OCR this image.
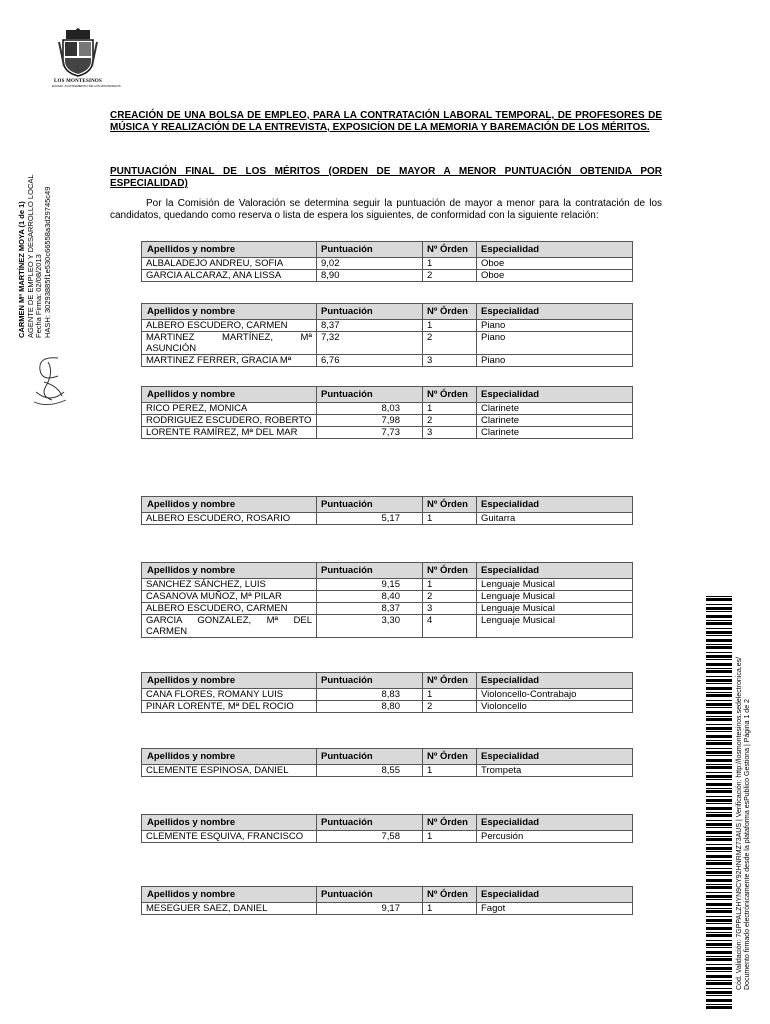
LOS MONTESINOS
EXCMO. AYUNTAMIENTO DE LOS MONTESINOS
CARMEN Mª MARTÍNEZ MOYA (1 de 1) AGENTE DE EMPLEO Y DESARROLLO LOCAL Fecha Firma: 02/08/2013 HASH: 30293885f1e530c66558a3d29745c49
Cód. Validación: 7GPPALZHYN9CY92HNRMZ73AUS | Verificación: http://losmontesinos.sedelectronica.es/ Documento firmado electrónicamente desde la plataforma esPublico Gestiona | Página 1 de 2
CREACIÓN DE UNA BOLSA DE EMPLEO, PARA LA CONTRATACIÓN LABORAL TEMPORAL, DE PROFESORES DE MÚSICA Y REALIZACIÓN DE LA ENTREVISTA, EXPOSICÍON DE LA MEMORIA Y BAREMACIÓN DE LOS MÉRITOS.
PUNTUACIÓN FINAL DE LOS MÉRITOS (ORDEN DE MAYOR A MENOR PUNTUACIÓN OBTENIDA POR ESPECIALIDAD)
Por la Comisión de Valoración se determina seguir la puntuación de mayor a menor para la contratación de los candidatos, quedando como reserva o lista de espera los siguientes, de conformidad con la siguiente relación:
Apellidos y nombre	Puntuación	Nº Órden	Especialidad
ALBALADEJO ANDREU, SOFIA	9,02	1	Oboe
GARCIA ALCARAZ, ANA LISSA	8,90	2	Oboe
Apellidos y nombre	Puntuación	Nº Órden	Especialidad
ALBERO ESCUDERO, CARMEN	8,37	1	Piano
MARTINEZ MARTÍNEZ, Mª ASUNCIÓN	7,32	2	Piano
MARTINEZ FERRER, GRACIA Mª	6,76	3	Piano
Apellidos y nombre	Puntuación	Nº Órden	Especialidad
RICO PEREZ, MONICA	8,03	1	Clarinete
RODRIGUEZ ESCUDERO, ROBERTO	7,98	2	Clarinete
LORENTE RAMÍREZ, Mª DEL MAR	7,73	3	Clarinete
Apellidos y nombre	Puntuación	Nº Órden	Especialidad
ALBERO ESCUDERO, ROSARIO	5,17	1	Guitarra
Apellidos y nombre	Puntuación	Nº Órden	Especialidad
SANCHEZ SÁNCHEZ, LUIS	9,15	1	Lenguaje Musical
CASANOVA MUÑOZ, Mª PILAR	8,40	2	Lenguaje Musical
ALBERO ESCUDERO, CARMEN	8,37	3	Lenguaje Musical
GARCIA GONZALEZ, Mª DEL CARMEN	3,30	4	Lenguaje Musical
Apellidos y nombre	Puntuación	Nº Órden	Especialidad
CANA FLORES, ROMANY LUIS	8,83	1	Violoncello-Contrabajo
PINAR LORENTE, Mª DEL ROCIO	8,80	2	Violoncello
Apellidos y nombre	Puntuación	Nº Órden	Especialidad
CLEMENTE ESPINOSA, DANIEL	8,55	1	Trompeta
Apellidos y nombre	Puntuación	Nº Órden	Especialidad
CLEMENTE ESQUIVA, FRANCISCO	7,58	1	Percusión
Apellidos y nombre	Puntuación	Nº Órden	Especialidad
MESEGUER SAEZ, DANIEL	9,17	1	Fagot
